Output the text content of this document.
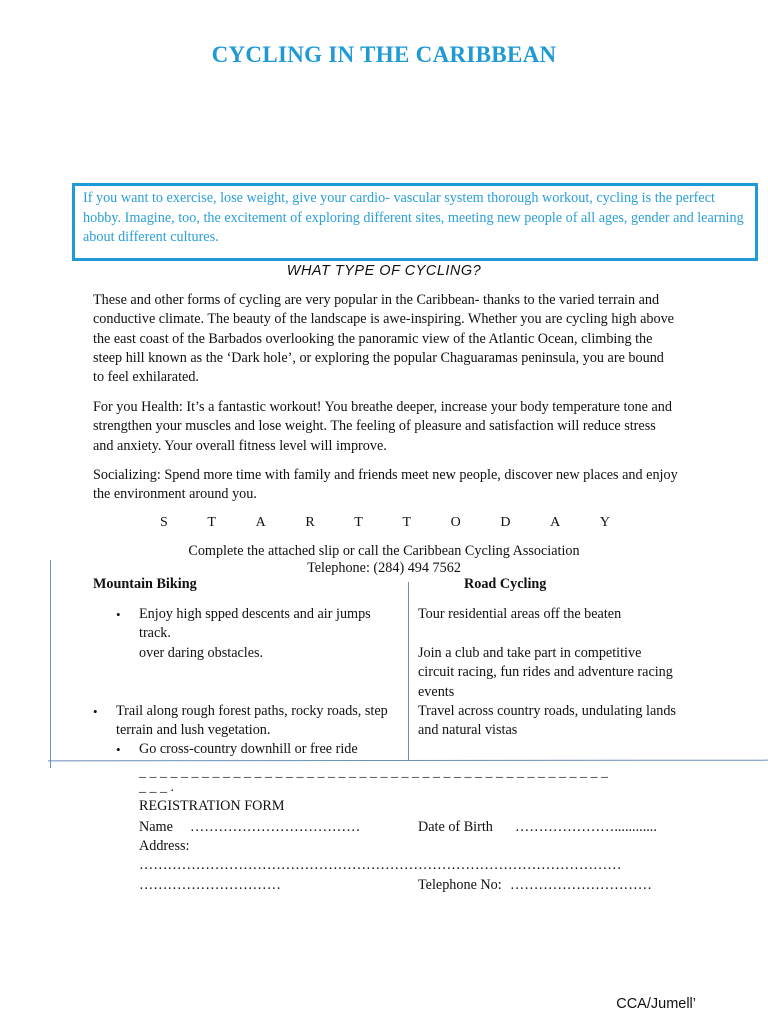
CYCLING IN THE CARIBBEAN
If you want to exercise, lose weight, give your cardio- vascular system thorough workout, cycling is the perfect hobby. Imagine, too, the excitement of exploring different sites, meeting new people of all ages, gender and learning about different cultures.
WHAT TYPE OF CYCLING?
These and other forms of cycling are very popular in the Caribbean- thanks to the varied terrain and conductive climate. The beauty of the landscape is awe-inspiring. Whether you are cycling high above the east coast of the Barbados overlooking the panoramic view of the Atlantic Ocean, climbing the steep hill known as the ‘Dark hole’, or exploring the popular Chaguaramas peninsula, you are bound to feel exhilarated.
For you Health: It’s a fantastic workout! You breathe deeper, increase your body temperature tone and strengthen your muscles and lose weight. The feeling of pleasure and satisfaction will reduce stress and anxiety. Your overall fitness level will improve.
Socializing: Spend more time with family and friends meet new people, discover new places and enjoy the environment around you.
S	T	A	R	T	T	O	D	A	Y
Complete the attached slip or call the Caribbean Cycling Association
Telephone: (284) 494 7562
Mountain Biking
• Enjoy high spped descents and air jumps track.
over daring obstacles.
• Trail along rough forest paths, rocky roads, step terrain and lush vegetation.
• Go cross-country downhill or free ride
Road Cycling
Tour residential areas off the beaten
Join a club and take part in competitive circuit racing, fun rides and adventure racing events
Travel across country roads, undulating lands and natural vistas
_ _ _ _ _ _ _ _ _ _ _ _ _ _ _ _ _ _ _ _ _ _ _ _ _ _ _ _ _ _ _ _ _ _ _ _ _ _ _ _ _ _ _ _ _
_ _ _ .
REGISTRATION FORM
Name ………………………………	Date of Birth …………………............
Address:
…………………………………………………………………………………………
…………………………	Telephone No: …………………………
CCA/Jumell’
